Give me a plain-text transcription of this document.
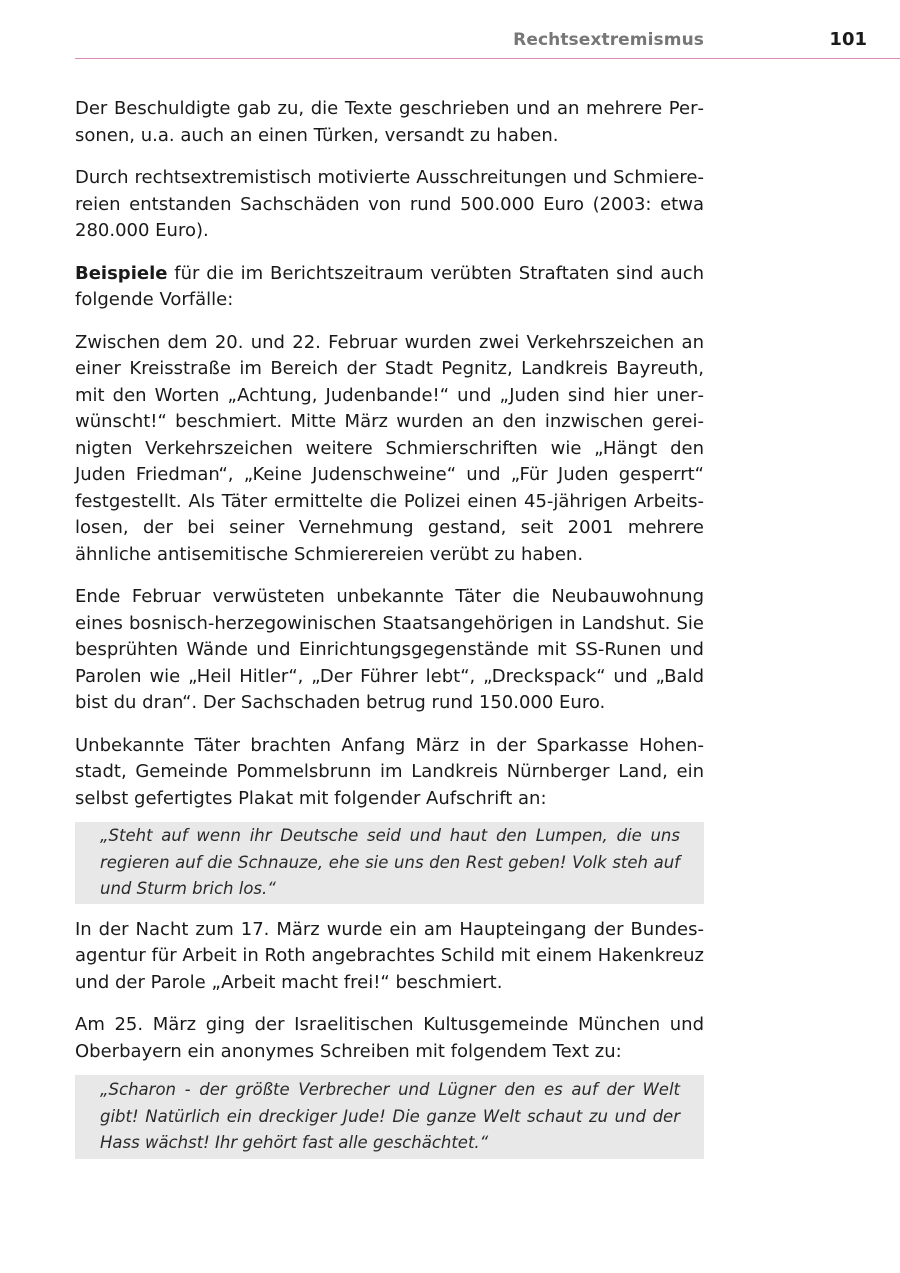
Rechtsextremismus	101

Der Beschuldigte gab zu, die Texte geschrieben und an mehrere Personen, u.a. auch an einen Türken, versandt zu haben.

Durch rechtsextremistisch motivierte Ausschreitungen und Schmierereien entstanden Sachschäden von rund 500.000 Euro (2003: etwa 280.000 Euro).

Beispiele für die im Berichtszeitraum verübten Straftaten sind auch folgende Vorfälle:

Zwischen dem 20. und 22. Februar wurden zwei Verkehrszeichen an einer Kreisstraße im Bereich der Stadt Pegnitz, Landkreis Bayreuth, mit den Worten „Achtung, Judenbande!“ und „Juden sind hier unerwünscht!“ beschmiert. Mitte März wurden an den inzwischen gereinigten Verkehrszeichen weitere Schmierschriften wie „Hängt den Juden Friedman“, „Keine Judenschweine“ und „Für Juden gesperrt“ festgestellt. Als Täter ermittelte die Polizei einen 45-jährigen Arbeitslosen, der bei seiner Vernehmung gestand, seit 2001 mehrere ähnliche antisemitische Schmierereien verübt zu haben.

Ende Februar verwüsteten unbekannte Täter die Neubauwohnung eines bosnisch-herzegowinischen Staatsangehörigen in Landshut. Sie besprühten Wände und Einrichtungsgegenstände mit SS-Runen und Parolen wie „Heil Hitler“, „Der Führer lebt“, „Dreckspack“ und „Bald bist du dran“. Der Sachschaden betrug rund 150.000 Euro.

Unbekannte Täter brachten Anfang März in der Sparkasse Hohenstadt, Gemeinde Pommelsbrunn im Landkreis Nürnberger Land, ein selbst gefertigtes Plakat mit folgender Aufschrift an:

„Steht auf wenn ihr Deutsche seid und haut den Lumpen, die uns regieren auf die Schnauze, ehe sie uns den Rest geben! Volk steh auf und Sturm brich los.“

In der Nacht zum 17. März wurde ein am Haupteingang der Bundesagentur für Arbeit in Roth angebrachtes Schild mit einem Hakenkreuz und der Parole „Arbeit macht frei!“ beschmiert.

Am 25. März ging der Israelitischen Kultusgemeinde München und Oberbayern ein anonymes Schreiben mit folgendem Text zu:

„Scharon - der größte Verbrecher und Lügner den es auf der Welt gibt! Natürlich ein dreckiger Jude! Die ganze Welt schaut zu und der Hass wächst! Ihr gehört fast alle geschächtet.“
